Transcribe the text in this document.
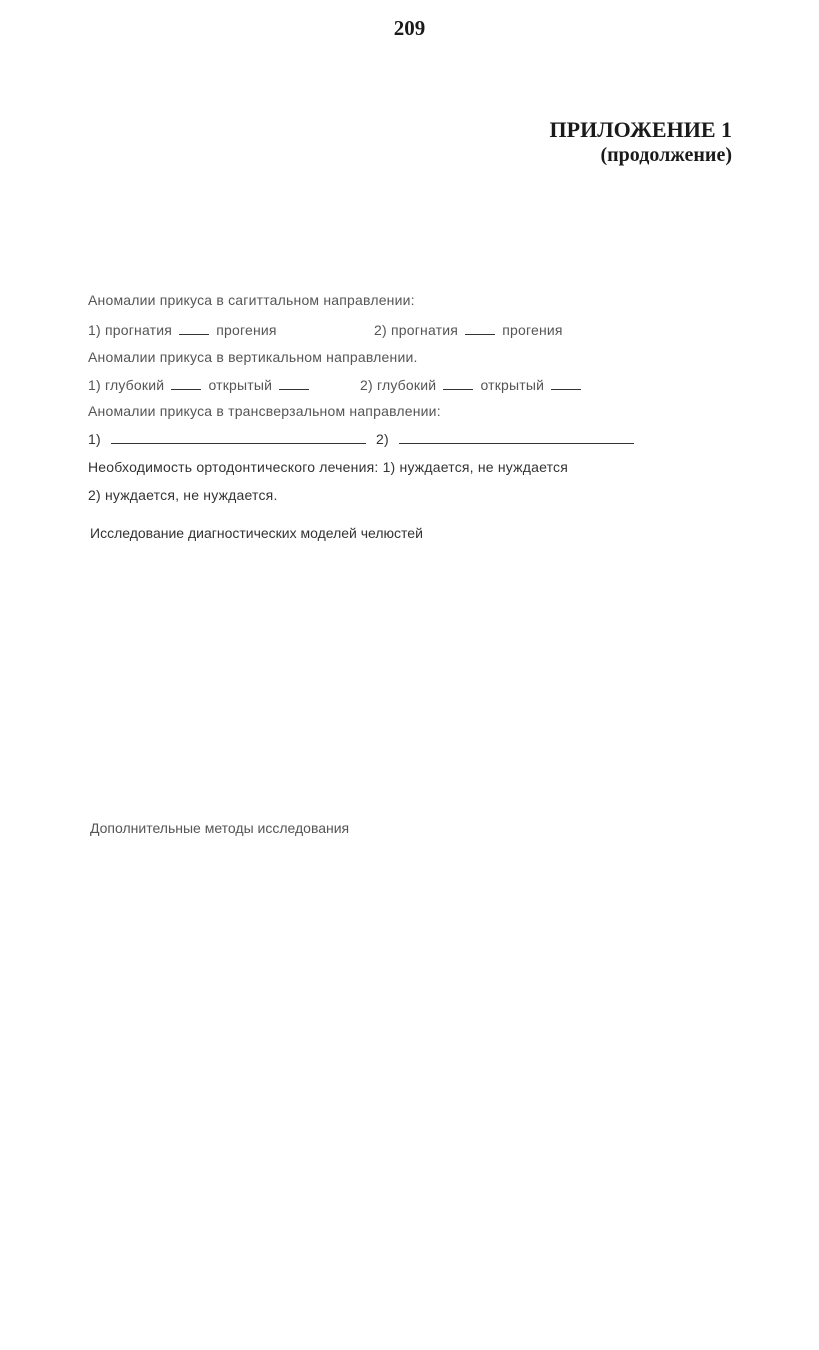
209
ПРИЛОЖЕНИЕ 1
(продолжение)
Аномалии прикуса в сагиттальном направлении:
1) прогнатия	прогения	2) прогнатия	прогения
Аномалии прикуса в вертикальном направлении.
1) глубокий	открытый	2) глубокий	открытый
Аномалии прикуса в трансверзальном направлении:
1)	2)
Необходимость ортодонтического лечения: 1) нуждается, не нуждается
2) нуждается, не нуждается.
Исследование диагностических моделей челюстей
Дополнительные методы исследования
